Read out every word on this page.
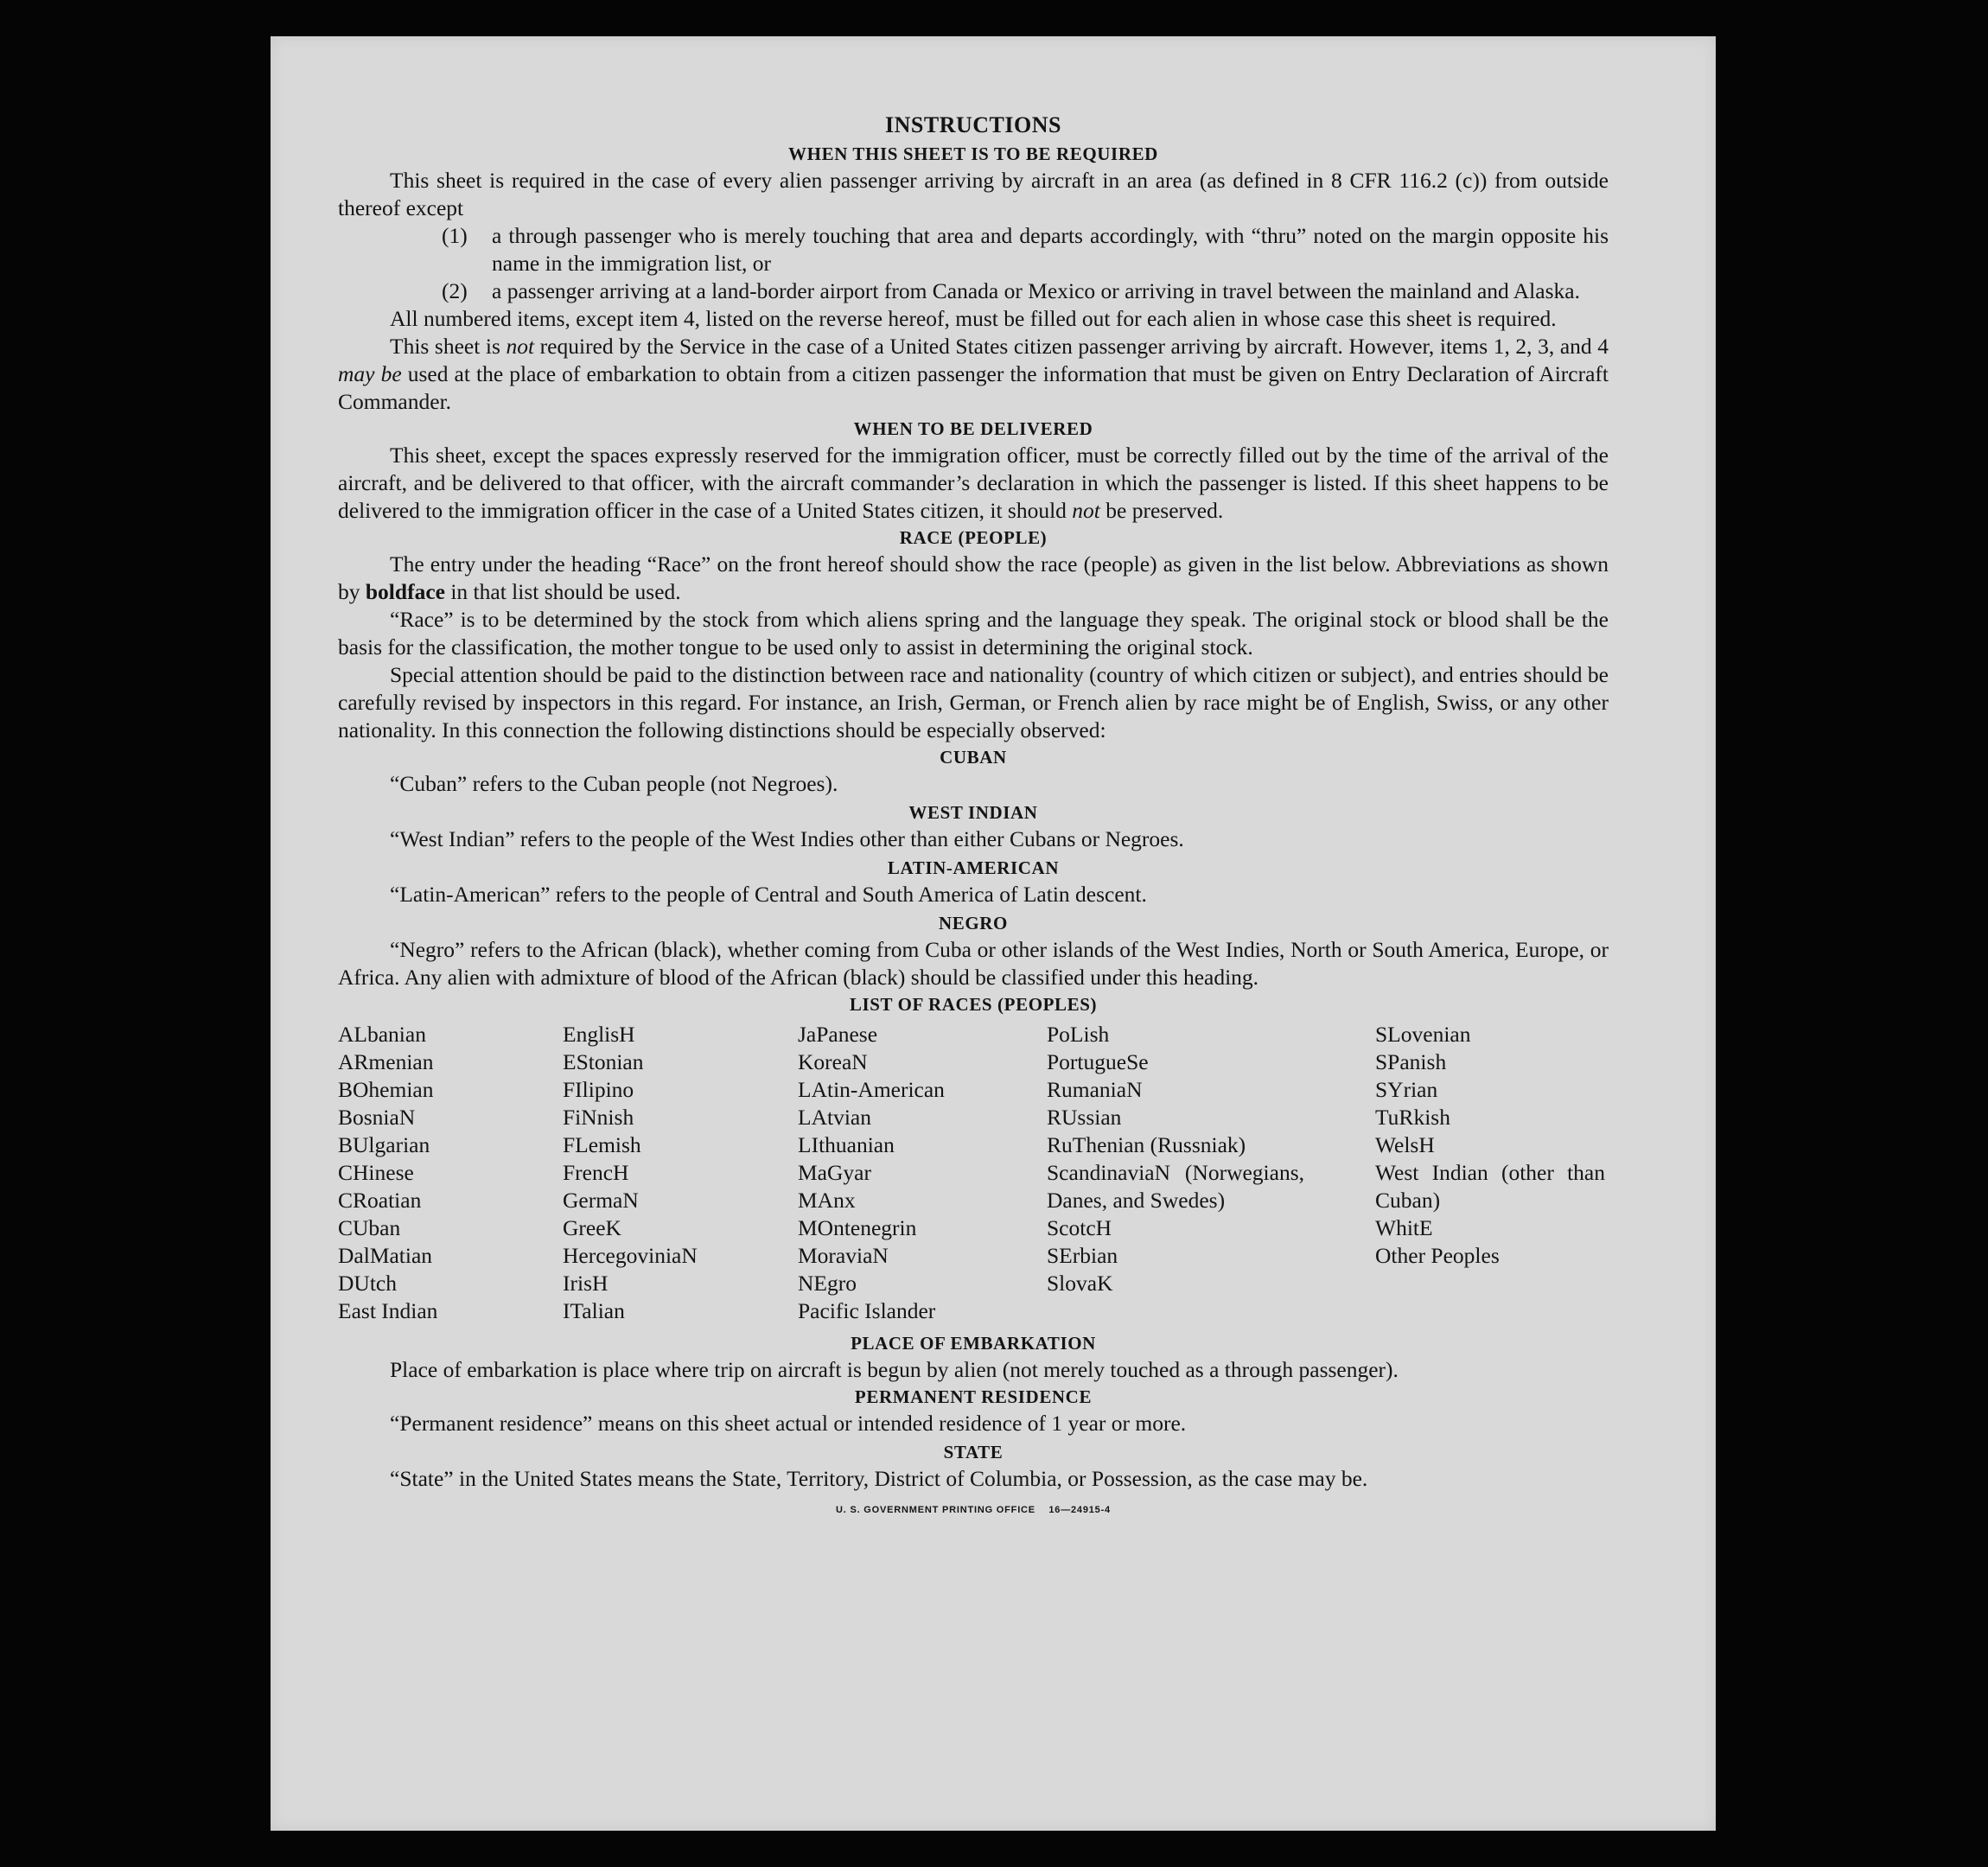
INSTRUCTIONS
WHEN THIS SHEET IS TO BE REQUIRED

This sheet is required in the case of every alien passenger arriving by aircraft in an area (as defined in 8 CFR 116.2 (c)) from outside thereof except

(1)	a through passenger who is merely touching that area and departs accordingly, with “thru” noted on the margin opposite his name in the immigration list, or
(2)	a passenger arriving at a land-border airport from Canada or Mexico or arriving in travel between the mainland and Alaska.

All numbered items, except item 4, listed on the reverse hereof, must be filled out for each alien in whose case this sheet is required.

This sheet is not required by the Service in the case of a United States citizen passenger arriving by aircraft. However, items 1, 2, 3, and 4 may be used at the place of embarkation to obtain from a citizen passenger the information that must be given on Entry Declaration of Aircraft Commander.

WHEN TO BE DELIVERED

This sheet, except the spaces expressly reserved for the immigration officer, must be correctly filled out by the time of the arrival of the aircraft, and be delivered to that officer, with the aircraft commander’s declaration in which the passenger is listed. If this sheet happens to be delivered to the immigration officer in the case of a United States citizen, it should not be preserved.

RACE (PEOPLE)

The entry under the heading “Race” on the front hereof should show the race (people) as given in the list below. Abbreviations as shown by boldface in that list should be used.

“Race” is to be determined by the stock from which aliens spring and the language they speak. The original stock or blood shall be the basis for the classification, the mother tongue to be used only to assist in determining the original stock.

Special attention should be paid to the distinction between race and nationality (country of which citizen or subject), and entries should be carefully revised by inspectors in this regard. For instance, an Irish, German, or French alien by race might be of English, Swiss, or any other nationality. In this connection the following distinctions should be especially observed:

CUBAN

“Cuban” refers to the Cuban people (not Negroes).

WEST INDIAN

“West Indian” refers to the people of the West Indies other than either Cubans or Negroes.

LATIN-AMERICAN

“Latin-American” refers to the people of Central and South America of Latin descent.

NEGRO

“Negro” refers to the African (black), whether coming from Cuba or other islands of the West Indies, North or South America, Europe, or Africa. Any alien with admixture of blood of the African (black) should be classified under this heading.

LIST OF RACES (PEOPLES)
ALbanian
ARmenian
BOhemian
BosniaN
BUlgarian
CHinese
CRoatian
CUban
DalMatian
DUtch
East Indian
EnglisH
EStonian
FIlipino
FiNnish
FLemish
FrencH
GermaN
GreeK
HercegoviniaN
IrisH
ITalian
JaPanese
KoreaN
LAtin-American
LAtvian
LIthuanian
MaGyar
MAnx
MOntenegrin
MoraviaN
NEgro
Pacific Islander
PoLish
PortugueSe
RumaniaN
RUssian
RuThenian (Russniak)
ScandinaviaN (Norwegians, Danes, and Swedes)
ScotcH
SErbian
SlovaK
SLovenian
SPanish
SYrian
TuRkish
WelsH
West Indian (other than Cuban)
WhitE
Other Peoples
PLACE OF EMBARKATION

Place of embarkation is place where trip on aircraft is begun by alien (not merely touched as a through passenger).

PERMANENT RESIDENCE

“Permanent residence” means on this sheet actual or intended residence of 1 year or more.

STATE

“State” in the United States means the State, Territory, District of Columbia, or Possession, as the case may be.

U. S. GOVERNMENT PRINTING OFFICE    16—24915-4
